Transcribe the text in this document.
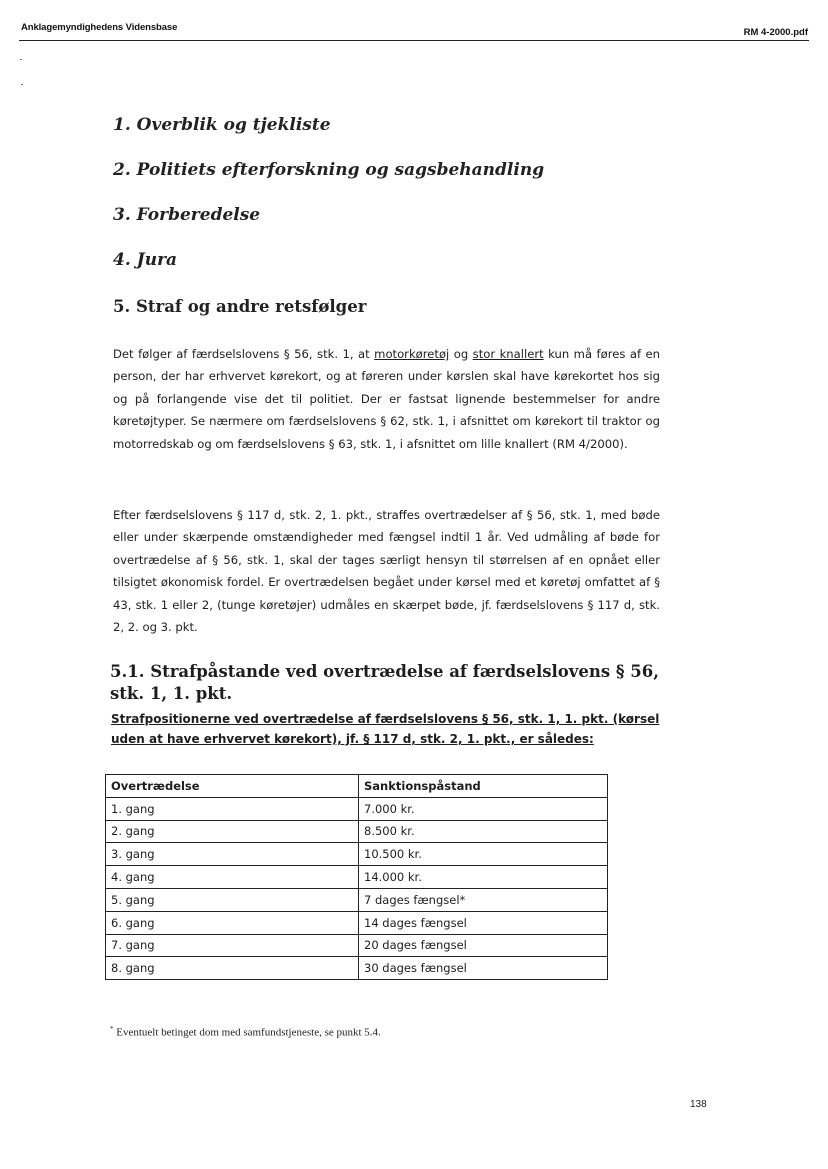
Anklagemyndighedens Vidensbase	RM 4-2000.pdf
1. Overblik og tjekliste
2. Politiets efterforskning og sagsbehandling
3. Forberedelse
4. Jura
5. Straf og andre retsfølger

Det følger af færdselslovens § 56, stk. 1, at motorkøretøj og stor knallert kun må føres af en person, der har erhvervet kørekort, og at føreren under kørslen skal have kørekortet hos sig og på forlangende vise det til politiet. Der er fastsat lignende bestemmelser for andre køretøjtyper. Se nærmere om færdselslovens § 62, stk. 1, i afsnittet om kørekort til traktor og motorredskab og om færdselslovens § 63, stk. 1, i afsnittet om lille knallert (RM 4/2000).

Efter færdselslovens § 117 d, stk. 2, 1. pkt., straffes overtrædelser af § 56, stk. 1, med bøde eller under skærpende omstændigheder med fængsel indtil 1 år. Ved udmåling af bøde for overtrædelse af § 56, stk. 1, skal der tages særligt hensyn til størrelsen af en opnået eller tilsigtet økonomisk fordel. Er overtrædelsen begået under kørsel med et køretøj omfattet af § 43, stk. 1 eller 2, (tunge køretøjer) udmåles en skærpet bøde, jf. færdselslovens § 117 d, stk. 2, 2. og 3. pkt.

5.1. Strafpåstande ved overtrædelse af færdselslovens § 56, stk. 1, 1. pkt.

Strafpositionerne ved overtrædelse af færdselslovens § 56, stk. 1, 1. pkt. (kørsel uden at have erhvervet kørekort), jf. § 117 d, stk. 2, 1. pkt., er således:

Overtrædelse	Sanktionspåstand
1. gang	7.000 kr.
2. gang	8.500 kr.
3. gang	10.500 kr.
4. gang	14.000 kr.
5. gang	7 dages fængsel*
6. gang	14 dages fængsel
7. gang	20 dages fængsel
8. gang	30 dages fængsel
* Eventuelt betinget dom med samfundstjeneste, se punkt 5.4.
138
